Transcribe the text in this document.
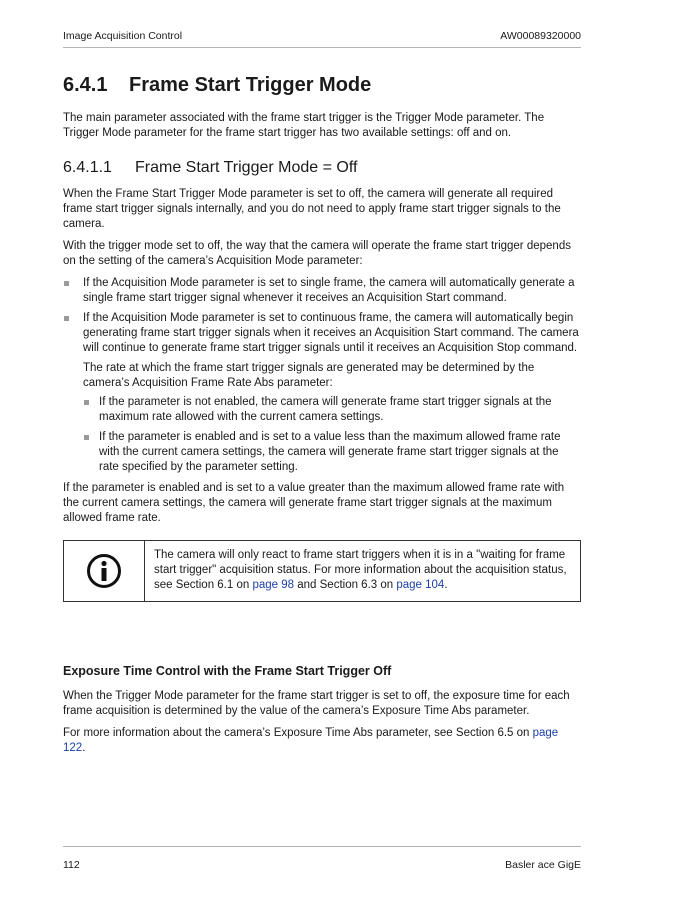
Image Acquisition Control	AW00089320000
6.4.1	Frame Start Trigger Mode

The main parameter associated with the frame start trigger is the Trigger Mode parameter. The Trigger Mode parameter for the frame start trigger has two available settings: off and on.

6.4.1.1	Frame Start Trigger Mode = Off

When the Frame Start Trigger Mode parameter is set to off, the camera will generate all required frame start trigger signals internally, and you do not need to apply frame start trigger signals to the camera.

With the trigger mode set to off, the way that the camera will operate the frame start trigger depends on the setting of the camera’s Acquisition Mode parameter:

If the Acquisition Mode parameter is set to single frame, the camera will automatically generate a single frame start trigger signal whenever it receives an Acquisition Start command.
If the Acquisition Mode parameter is set to continuous frame, the camera will automatically begin generating frame start trigger signals when it receives an Acquisition Start command. The camera will continue to generate frame start trigger signals until it receives an Acquisition Stop command.
The rate at which the frame start trigger signals are generated may be determined by the camera’s Acquisition Frame Rate Abs parameter:
If the parameter is not enabled, the camera will generate frame start trigger signals at the maximum rate allowed with the current camera settings.
If the parameter is enabled and is set to a value less than the maximum allowed frame rate with the current camera settings, the camera will generate frame start trigger signals at the rate specified by the parameter setting.

If the parameter is enabled and is set to a value greater than the maximum allowed frame rate with the current camera settings, the camera will generate frame start trigger signals at the maximum allowed frame rate.

The camera will only react to frame start triggers when it is in a "waiting for frame start trigger" acquisition status. For more information about the acquisition status, see Section 6.1 on page 98 and Section 6.3 on page 104.
Exposure Time Control with the Frame Start Trigger Off

When the Trigger Mode parameter for the frame start trigger is set to off, the exposure time for each frame acquisition is determined by the value of the camera’s Exposure Time Abs parameter.

For more information about the camera’s Exposure Time Abs parameter, see Section 6.5 on page 122.

112	Basler ace GigE
